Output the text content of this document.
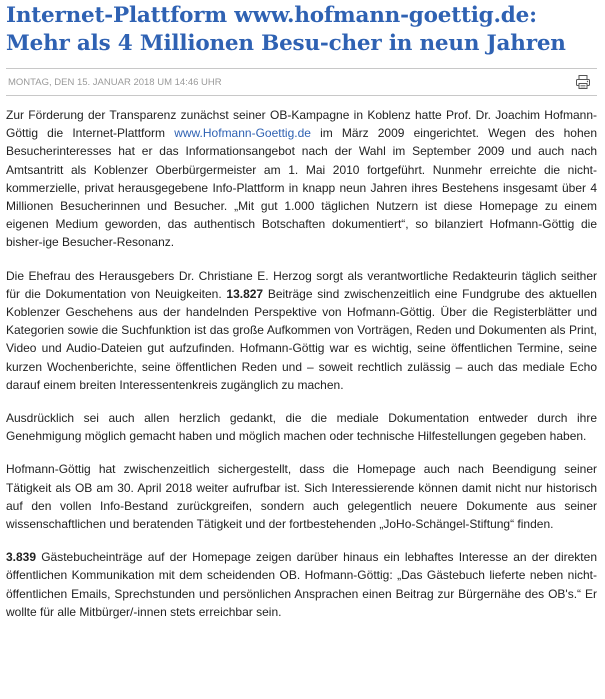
Internet-Plattform www.hofmann-goettig.de: Mehr als 4 Millionen Besu-cher in neun Jahren
MONTAG, DEN 15. JANUAR 2018 UM 14:46 UHR

Zur Förderung der Transparenz zunächst seiner OB-Kampagne in Koblenz hatte Prof. Dr. Joachim Hofmann-Göttig die Internet-Plattform www.Hofmann-Goettig.de im März 2009 eingerichtet. Wegen des hohen Besucherinteresses hat er das Informationsangebot nach der Wahl im September 2009 und auch nach Amtsantritt als Koblenzer Oberbürgermeister am 1. Mai 2010 fortgeführt. Nunmehr erreichte die nicht-kommerzielle, privat herausgegebene Info-Plattform in knapp neun Jahren ihres Bestehens insgesamt über 4 Millionen Besucherinnen und Besucher. „Mit gut 1.000 täglichen Nutzern ist diese Homepage zu einem eigenen Medium geworden, das authentisch Botschaften dokumentiert“, so bilanziert Hofmann-Göttig die bisher-ige Besucher-Resonanz.

Die Ehefrau des Herausgebers Dr. Christiane E. Herzog sorgt als verantwortliche Redakteurin täglich seither für die Dokumentation von Neuigkeiten. 13.827 Beiträge sind zwischenzeitlich eine Fundgrube des aktuellen Koblenzer Geschehens aus der handelnden Perspektive von Hofmann-Göttig. Über die Registerblätter und Kategorien sowie die Suchfunktion ist das große Aufkommen von Vorträgen, Reden und Dokumenten als Print, Video und Audio-Dateien gut aufzufinden. Hofmann-Göttig war es wichtig, seine öffentlichen Termine, seine kurzen Wochenberichte, seine öffentlichen Reden und – soweit rechtlich zulässig – auch das mediale Echo darauf einem breiten Interessentenkreis zugänglich zu machen.

Ausdrücklich sei auch allen herzlich gedankt, die die mediale Dokumentation entweder durch ihre Genehmigung möglich gemacht haben und möglich machen oder technische Hilfestellungen gegeben haben.

Hofmann-Göttig hat zwischenzeitlich sichergestellt, dass die Homepage auch nach Beendigung seiner Tätigkeit als OB am 30. April 2018 weiter aufrufbar ist. Sich Interessierende können damit nicht nur historisch auf den vollen Info-Bestand zurückgreifen, sondern auch gelegentlich neuere Dokumente aus seiner wissenschaftlichen und beratenden Tätigkeit und der fortbestehenden „JoHo-Schängel-Stiftung“ finden.

3.839 Gästebucheinträge auf der Homepage zeigen darüber hinaus ein lebhaftes Interesse an der direkten öffentlichen Kommunikation mit dem scheidenden OB. Hofmann-Göttig: „Das Gästebuch lieferte neben nicht-öffentlichen Emails, Sprechstunden und persönlichen Ansprachen einen Beitrag zur Bürgernähe des OB's.“ Er wollte für alle Mitbürger/-innen stets erreichbar sein.
